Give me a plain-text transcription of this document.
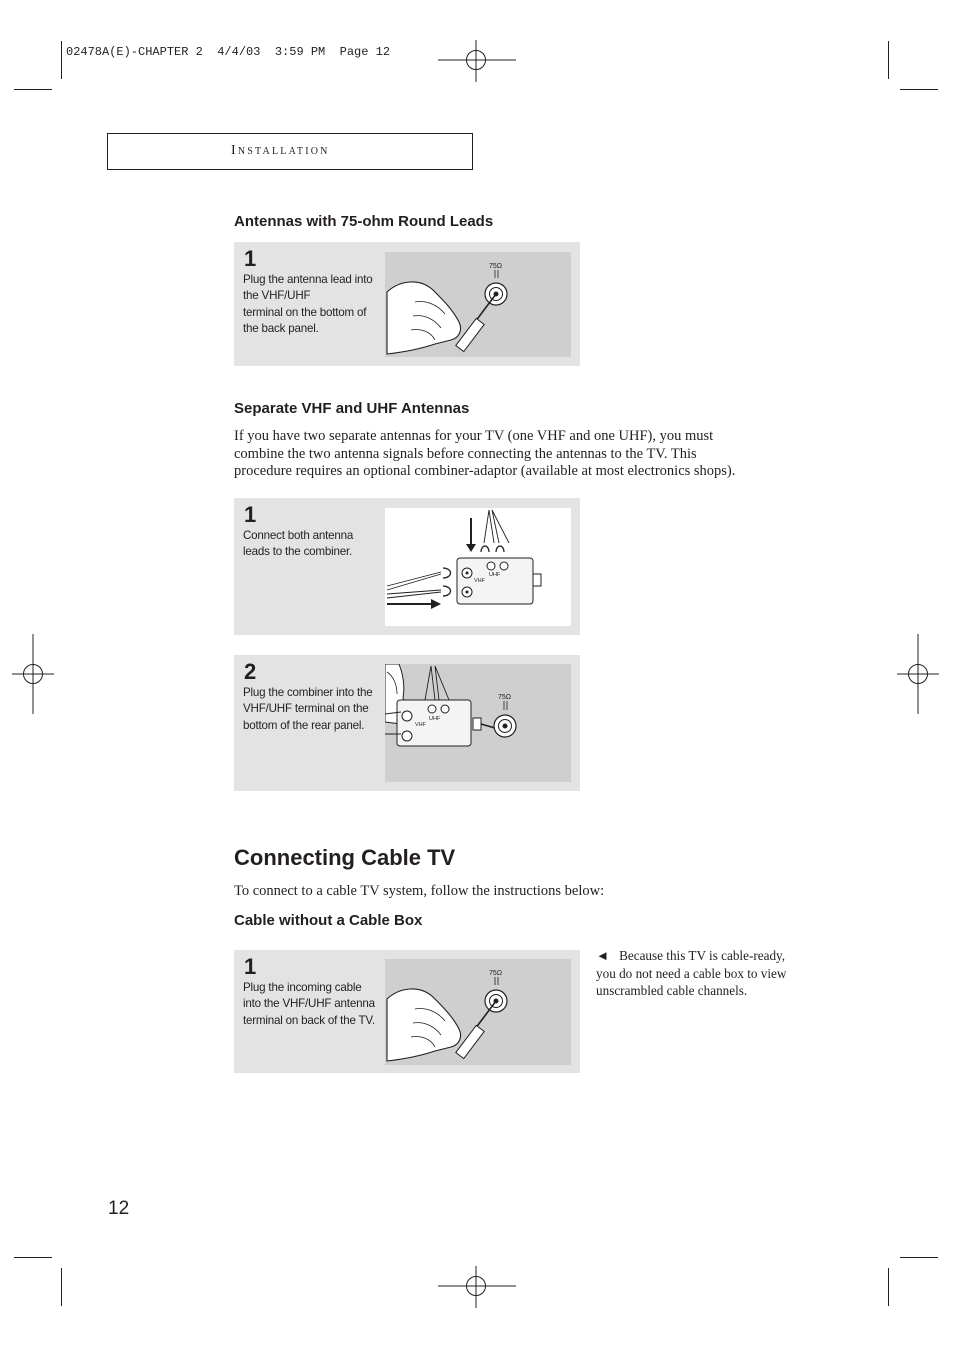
02478A(E)-CHAPTER 2  4/4/03  3:59 PM  Page 12
Installation
Antennas with 75-ohm Round Leads
1
Plug the antenna lead into
the VHF/UHF
terminal on the bottom of
the back panel.
75Ω
Separate VHF and UHF Antennas
If you have two separate antennas for your TV (one VHF and one UHF), you must
combine the two antenna signals before connecting the antennas to the TV. This
procedure requires an optional combiner-adaptor (available at most electronics shops).
1
Connect both antenna
leads to the combiner.
VHF
UHF
2
Plug the combiner into the
VHF/UHF terminal on the
bottom of the rear panel.	VHF
UHF
75Ω
Connecting Cable TV
To connect to a cable TV system, follow the instructions below:
Cable without a Cable Box
1
Plug the incoming cable
into the VHF/UHF antenna
terminal on back of the TV.
75Ω
◄ Because this TV is cable-ready,
you do not need a cable box to view
unscrambled cable channels.
12
